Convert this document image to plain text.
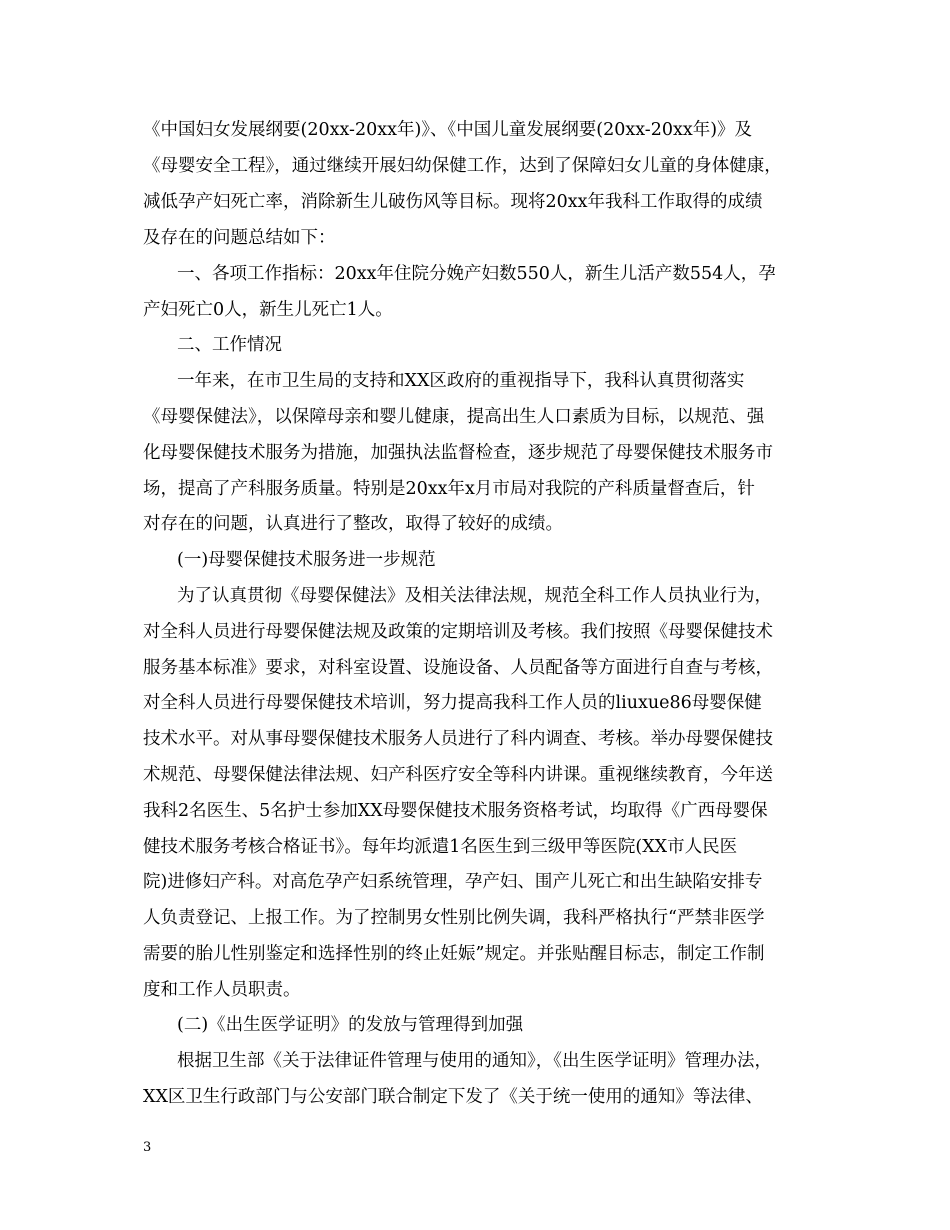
《中国妇女发展纲要(20xx-20xx年)》、《中国儿童发展纲要(20xx-20xx年)》及
《母婴安全工程》，通过继续开展妇幼保健工作，达到了保障妇女儿童的身体健康，
减低孕产妇死亡率，消除新生儿破伤风等目标。现将20xx年我科工作取得的成绩
及存在的问题总结如下：
一、各项工作指标：20xx年住院分娩产妇数550人，新生儿活产数554人，孕
产妇死亡0人，新生儿死亡1人。
二、工作情况
一年来，在市卫生局的支持和XX区政府的重视指导下，我科认真贯彻落实
《母婴保健法》，以保障母亲和婴儿健康，提高出生人口素质为目标，以规范、强
化母婴保健技术服务为措施，加强执法监督检查，逐步规范了母婴保健技术服务市
场，提高了产科服务质量。特别是20xx年x月市局对我院的产科质量督查后，针
对存在的问题，认真进行了整改，取得了较好的成绩。
(一)母婴保健技术服务进一步规范
为了认真贯彻《母婴保健法》及相关法律法规，规范全科工作人员执业行为，
对全科人员进行母婴保健法规及政策的定期培训及考核。我们按照《母婴保健技术
服务基本标准》要求，对科室设置、设施设备、人员配备等方面进行自查与考核，
对全科人员进行母婴保健技术培训，努力提高我科工作人员的liuxue86母婴保健
技术水平。对从事母婴保健技术服务人员进行了科内调查、考核。举办母婴保健技
术规范、母婴保健法律法规、妇产科医疗安全等科内讲课。重视继续教育，今年送
我科2名医生、5名护士参加XX母婴保健技术服务资格考试，均取得《广西母婴保
健技术服务考核合格证书》。每年均派遣1名医生到三级甲等医院(XX市人民医
院)进修妇产科。对高危孕产妇系统管理，孕产妇、围产儿死亡和出生缺陷安排专
人负责登记、上报工作。为了控制男女性别比例失调，我科严格执行“严禁非医学
需要的胎儿性别鉴定和选择性别的终止妊娠”规定。并张贴醒目标志，制定工作制
度和工作人员职责。
(二)《出生医学证明》的发放与管理得到加强
根据卫生部《关于法律证件管理与使用的通知》，《出生医学证明》管理办法，
XX区卫生行政部门与公安部门联合制定下发了《关于统一使用的通知》等法律、
3
